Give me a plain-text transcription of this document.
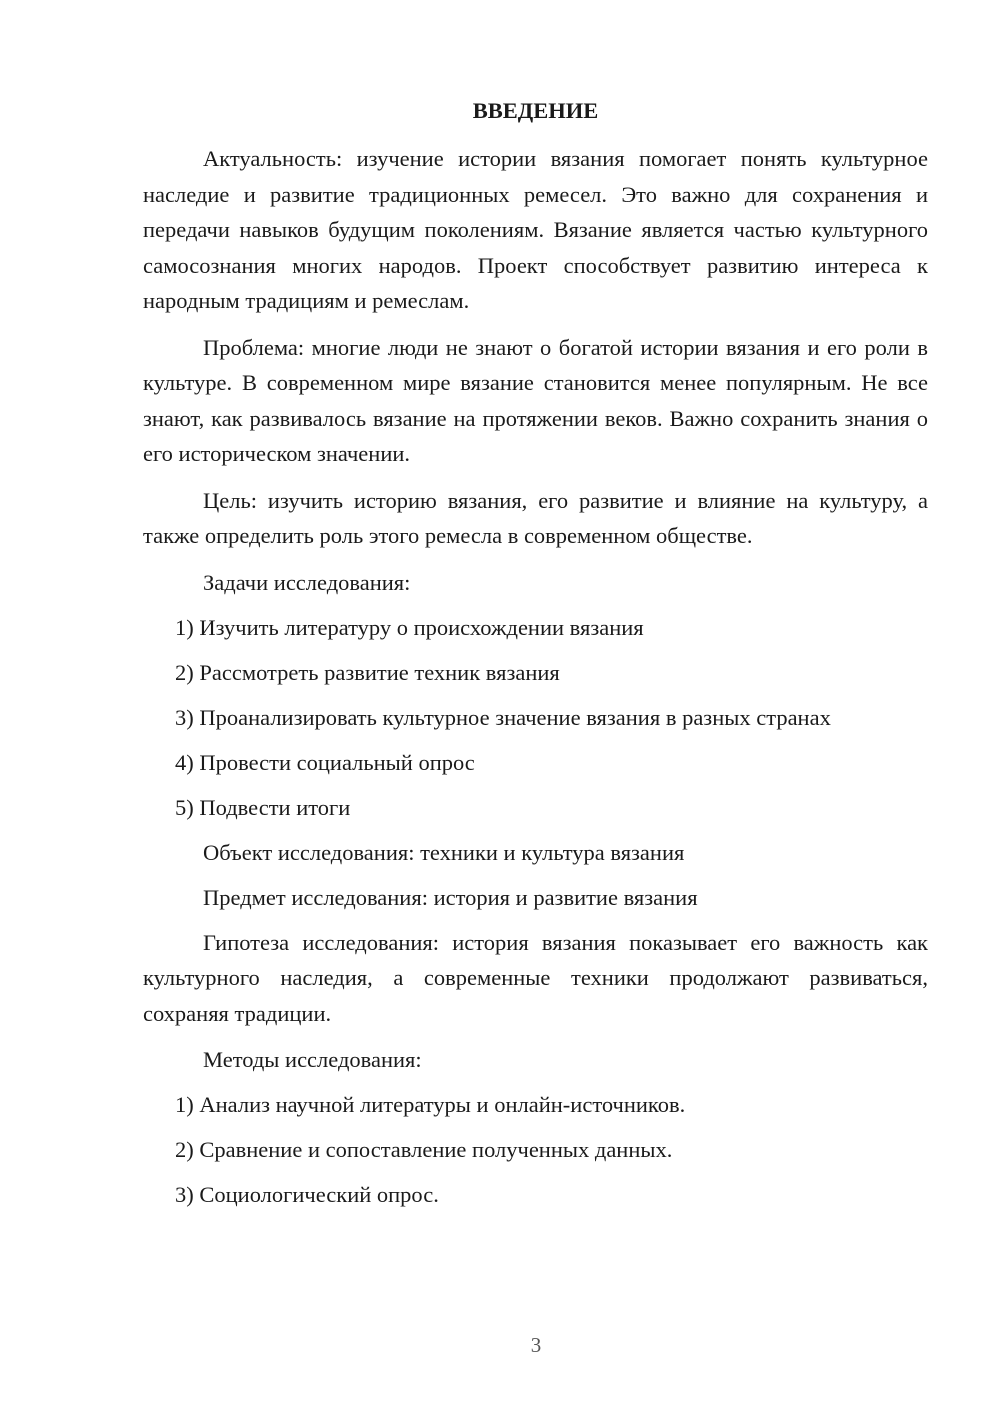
ВВЕДЕНИЕ

Актуальность: изучение истории вязания помогает понять культурное наследие и развитие традиционных ремесел. Это важно для сохранения и передачи навыков будущим поколениям. Вязание является частью культурного самосознания многих народов. Проект способствует развитию интереса к народным традициям и ремеслам.

Проблема: многие люди не знают о богатой истории вязания и его роли в культуре. В современном мире вязание становится менее популярным. Не все знают, как развивалось вязание на протяжении веков. Важно сохранить знания о его историческом значении.

Цель: изучить историю вязания, его развитие и влияние на культуру, а также определить роль этого ремесла в современном обществе.

Задачи исследования:
1) Изучить литературу о происхождении вязания
2) Рассмотреть развитие техник вязания
3) Проанализировать культурное значение вязания в разных странах
4) Провести социальный опрос
5) Подвести итоги
Объект исследования: техники и культура вязания
Предмет исследования: история и развитие вязания

Гипотеза исследования: история вязания показывает его важность как культурного наследия, а современные техники продолжают развиваться, сохраняя традиции.

Методы исследования:
1) Анализ научной литературы и онлайн-источников.
2) Сравнение и сопоставление полученных данных.
3) Социологический опрос.
3
